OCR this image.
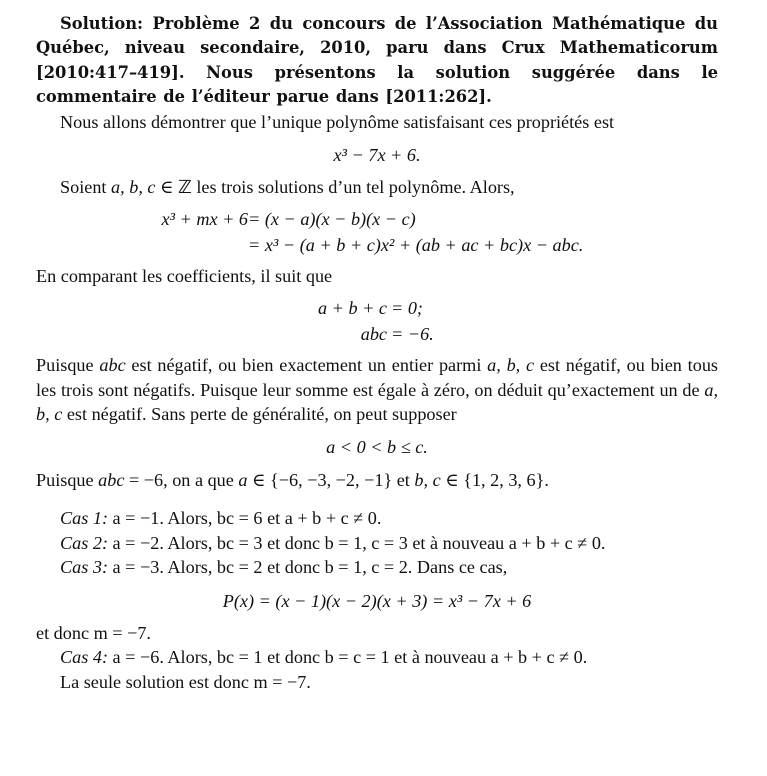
Solution: Problème 2 du concours de l’Association Mathématique du Québec, niveau secondaire, 2010, paru dans Crux Mathematicorum [2010:417–419]. Nous présentons la solution suggérée dans le commentaire de l’éditeur parue dans [2011:262].

Nous allons démontrer que l’unique polynôme satisfaisant ces propriétés est

x³ − 7x + 6.

Soient a, b, c ∈ ℤ les trois solutions d’un tel polynôme. Alors,

x³ + mx + 6 = (x − a)(x − b)(x − c)
= x³ − (a + b + c)x² + (ab + ac + bc)x − abc.

En comparant les coefficients, il suit que

a + b + c = 0;
abc = −6.

Puisque abc est négatif, ou bien exactement un entier parmi a, b, c est négatif, ou bien tous les trois sont négatifs. Puisque leur somme est égale à zéro, on déduit qu’exactement un de a, b, c est négatif. Sans perte de généralité, on peut supposer

a < 0 < b ≤ c.

Puisque abc = −6, on a que a ∈ {−6, −3, −2, −1} et b, c ∈ {1, 2, 3, 6}.

Cas 1: a = −1. Alors, bc = 6 et a + b + c ≠ 0.

Cas 2: a = −2. Alors, bc = 3 et donc b = 1, c = 3 et à nouveau a + b + c ≠ 0.

Cas 3: a = −3. Alors, bc = 2 et donc b = 1, c = 2. Dans ce cas,

P(x) = (x − 1)(x − 2)(x + 3) = x³ − 7x + 6

et donc m = −7.

Cas 4: a = −6. Alors, bc = 1 et donc b = c = 1 et à nouveau a + b + c ≠ 0.

La seule solution est donc m = −7.
